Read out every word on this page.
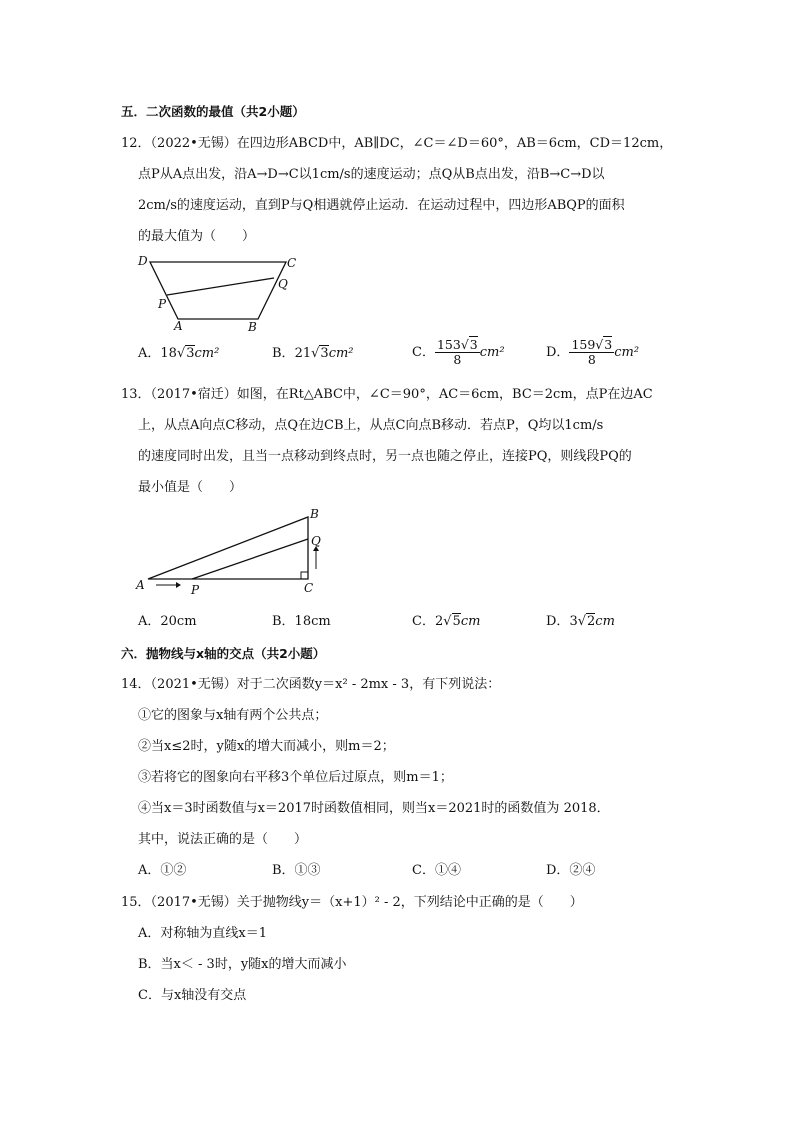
五．二次函数的最值（共2小题）
12．（2022•无锡）在四边形ABCD中，AB∥DC，∠C＝∠D＝60°，AB＝6cm，CD＝12cm，
点P从A点出发，沿A→D→C以1cm/s的速度运动；点Q从B点出发，沿B→C→D以
2cm/s的速度运动，直到P与Q相遇就停止运动．在运动过程中，四边形ABQP的面积
的最大值为（　　）
D	C
Q
P
A	B
A．18√3cm²	B．21√3cm²	C． $\frac{153√3}{8} cm^2$	D． $\frac{159√3}{8} cm^2$
13．（2017•宿迁）如图，在Rt△ABC中，∠C＝90°，AC＝6cm，BC＝2cm，点P在边AC
上，从点A向点C移动，点Q在边CB上，从点C向点B移动．若点P，Q均以1cm/s
的速度同时出发，且当一点移动到终点时，另一点也随之停止，连接PQ，则线段PQ的
最小值是（　　）
B
Q
A	P	C
A．20cm	B．18cm	C．2√5cm	D．3√2cm
六．抛物线与x轴的交点（共2小题）
14．（2021•无锡）对于二次函数y＝x² - 2mx - 3，有下列说法：
①它的图象与x轴有两个公共点；
②当x≤2时，y随x的增大而减小，则m＝2；
③若将它的图象向右平移3个单位后过原点，则m＝1；
④当x＝3时函数值与x＝2017时函数值相同，则当x＝2021时的函数值为 2018．
其中，说法正确的是（　　）
A．①②	B．①③	C．①④	D．②④
15．（2017•无锡）关于抛物线y＝（x+1）² - 2，下列结论中正确的是（　　）
A．对称轴为直线x＝1
B．当x＜ - 3时，y随x的增大而减小
C．与x轴没有交点
